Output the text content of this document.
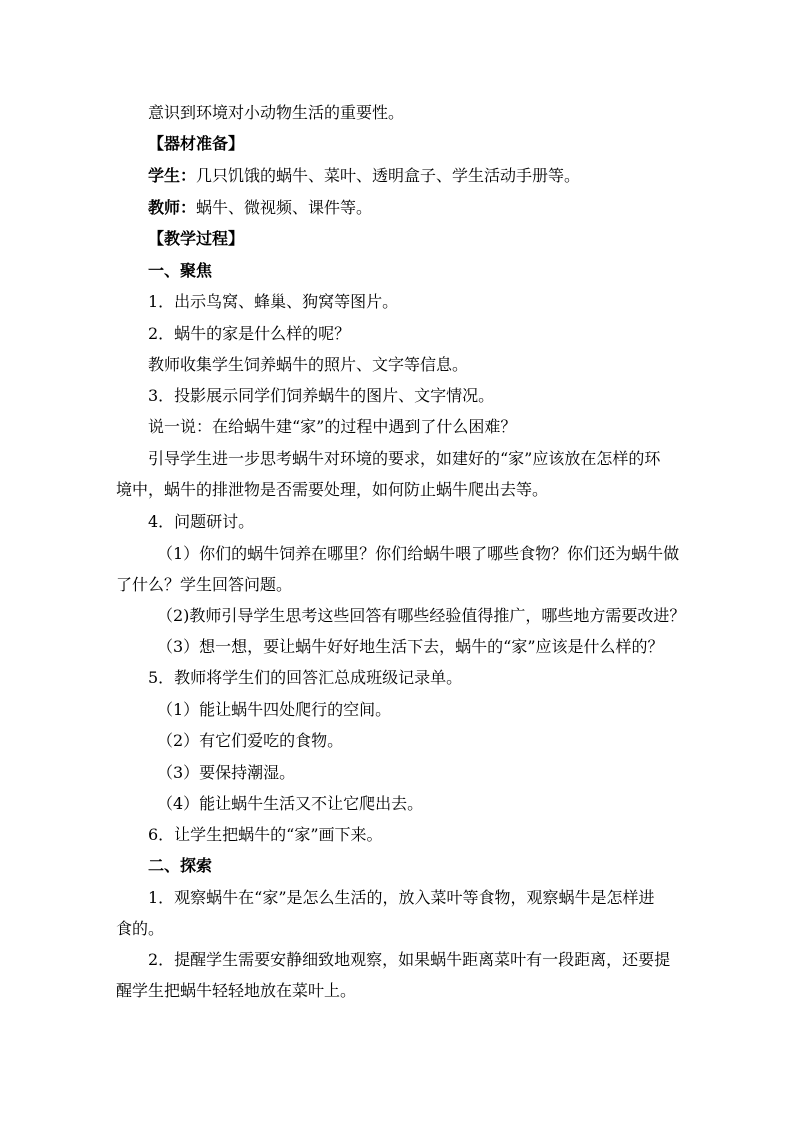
意识到环境对小动物生活的重要性。
【器材准备】
学生：几只饥饿的蜗牛、菜叶、透明盒子、学生活动手册等。
教师：蜗牛、微视频、课件等。
【教学过程】
一、聚焦
1．出示鸟窝、蜂巢、狗窝等图片。
2．蜗牛的家是什么样的呢？
教师收集学生饲养蜗牛的照片、文字等信息。
3．投影展示同学们饲养蜗牛的图片、文字情况。
说一说：在给蜗牛建“家”的过程中遇到了什么困难？
引导学生进一步思考蜗牛对环境的要求，如建好的“家”应该放在怎样的环
境中，蜗牛的排泄物是否需要处理，如何防止蜗牛爬出去等。
4．问题研讨。
（1）你们的蜗牛饲养在哪里？你们给蜗牛喂了哪些食物？你们还为蜗牛做
了什么？学生回答问题。
（2)教师引导学生思考这些回答有哪些经验值得推广，哪些地方需要改进？
（3）想一想，要让蜗牛好好地生活下去，蜗牛的“家”应该是什么样的？
5．教师将学生们的回答汇总成班级记录单。
（1）能让蜗牛四处爬行的空间。
（2）有它们爱吃的食物。
（3）要保持潮湿。
（4）能让蜗牛生活又不让它爬出去。
6．让学生把蜗牛的“家”画下来。
二、探索
1．观察蜗牛在“家”是怎么生活的，放入菜叶等食物，观察蜗牛是怎样进
食的。
2．提醒学生需要安静细致地观察，如果蜗牛距离菜叶有一段距离，还要提
醒学生把蜗牛轻轻地放在菜叶上。
